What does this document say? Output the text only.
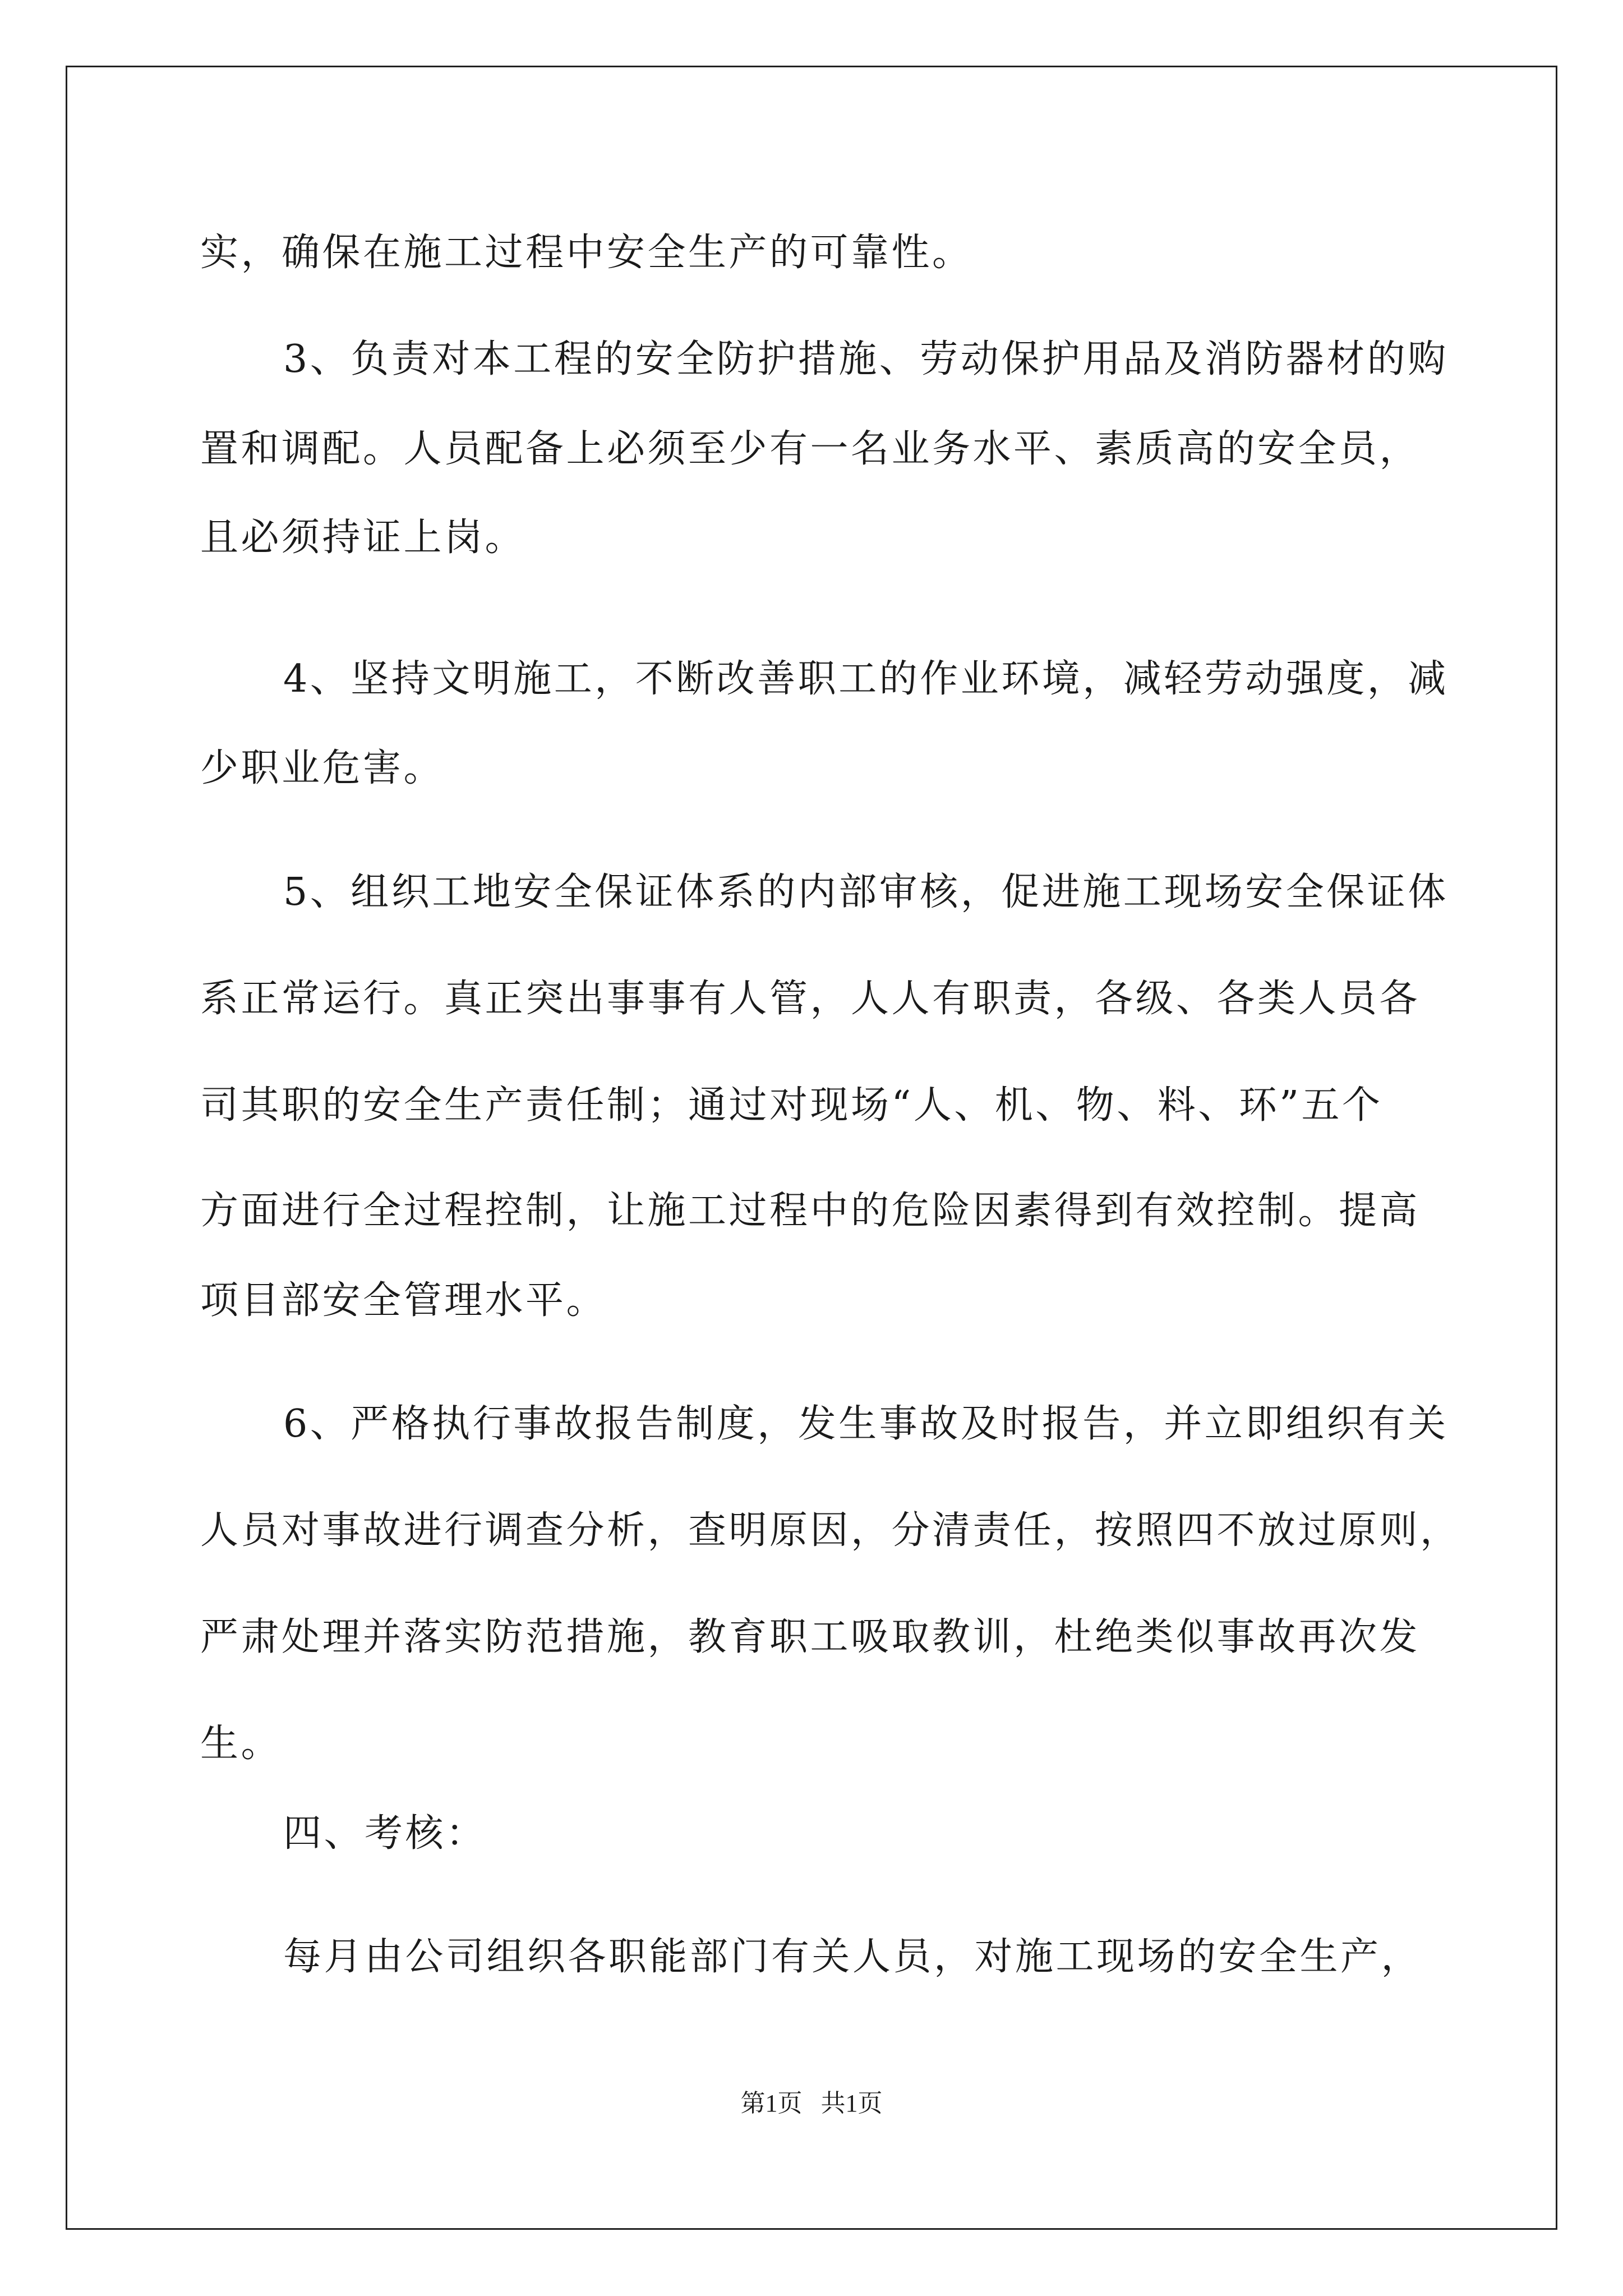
实，确保在施工过程中安全生产的可靠性。

3、负责对本工程的安全防护措施、劳动保护用品及消防器材的购

置和调配。人员配备上必须至少有一名业务水平、素质高的安全员，

且必须持证上岗。

4、坚持文明施工，不断改善职工的作业环境，减轻劳动强度，减

少职业危害。

5、组织工地安全保证体系的内部审核，促进施工现场安全保证体

系正常运行。真正突出事事有人管，人人有职责，各级、各类人员各

司其职的安全生产责任制；通过对现场“人、机、物、料、环”五个

方面进行全过程控制，让施工过程中的危险因素得到有效控制。提高

项目部安全管理水平。

6、严格执行事故报告制度，发生事故及时报告，并立即组织有关

人员对事故进行调查分析，查明原因，分清责任，按照四不放过原则，

严肃处理并落实防范措施，教育职工吸取教训，杜绝类似事故再次发

生。

四、考核：

每月由公司组织各职能部门有关人员，对施工现场的安全生产，

第1页   共1页
